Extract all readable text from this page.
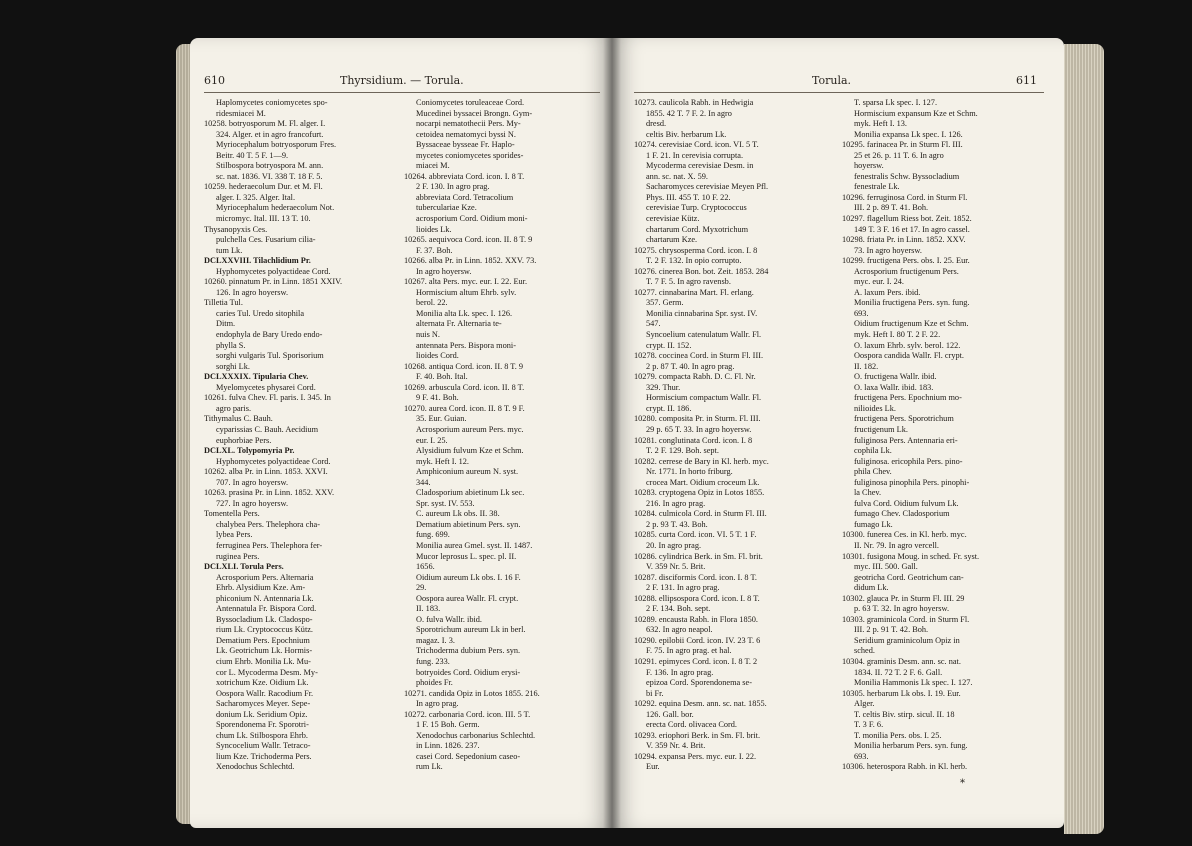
610	Thyrsidium. — Torula.
Haplomycetes coniomycetes spo-
ridesmiacei M.
10258. botryosporum M. Fl. alger. I.
324. Alger. et in agro francofurt.
Myriocephalum botryosporum Fres.
Beitr. 40 T. 5 F. 1—9.
Stilbospora botryospora M. ann.
sc. nat. 1836. VI. 338 T. 18 F. 5.
10259. hederaecolum Dur. et M. Fl.
alger. I. 325. Alger. Ital.
Myriocephalum hederaecolum Not.
micromyc. Ital. III. 13 T. 10.
Thysanopyxis Ces.
pulchella Ces. Fusarium cilia-
tum Lk.
DCLXXVIII. Tilachlidium Pr.
Hyphomycetes polyactideae Cord.
10260. pinnatum Pr. in Linn. 1851 XXIV.
126. In agro hoyersw.
Tilletia Tul.
caries Tul. Uredo sitophila
Ditm.
endophyla de Bary Uredo endo-
phylla S.
sorghi vulgaris Tul. Sporisorium
sorghi Lk.
DCLXXXIX. Tipularia Chev.
Myelomycetes physarei Cord.
10261. fulva Chev. Fl. paris. I. 345. In
agro paris.
Tithymalus C. Bauh.
cyparissias C. Bauh. Aecidium
euphorbiae Pers.
DCLXL. Tolypomyria Pr.
Hyphomycetes polyactideae Cord.
10262. alba Pr. in Linn. 1853. XXVI.
707. In agro hoyersw.
10263. prasina Pr. in Linn. 1852. XXV.
727. In agro hoyersw.
Tomentella Pers.
chalybea Pers. Thelephora cha-
lybea Pers.
ferruginea Pers. Thelephora fer-
ruginea Pers.
DCLXLI. Torula Pers.
Acrosporium Pers. Alternaria
Ehrb. Alysidium Kze. Am-
phiconium N. Antennaria Lk.
Antennatula Fr. Bispora Cord.
Byssocladium Lk. Cladospo-
rium Lk. Cryptococcus Kütz.
Dematium Pers. Epochnium
Lk. Geotrichum Lk. Hormis-
cium Ehrb. Monilia Lk. Mu-
cor L. Mycoderma Desm. My-
xotrichum Kze. Oidium Lk.
Oospora Wallr. Racodium Fr.
Sacharomyces Meyer. Sepe-
donium Lk. Seridium Opiz.
Sporendonema Fr. Sporotri-
chum Lk. Stilbospora Ehrb.
Syncocelium Wallr. Tetraco-
lium Kze. Trichoderma Pers.
Xenodochus Schlechtd.
Coniomycetes toruleaceae Cord.
Mucedinei byssacei Brongn. Gym-
nocarpi nematothecii Pers. My-
cetoidea nematomyci byssi N.
Byssaceae bysseae Fr. Haplo-
mycetes coniomycetes sporides-
miacei M.
10264. abbreviata Cord. icon. I. 8 T.
2 F. 130. In agro prag.
abbreviata Cord. Tetracolium
tuberculariae Kze.
acrosporium Cord. Oidium moni-
lioides Lk.
10265. aequivoca Cord. icon. II. 8 T. 9
F. 37. Boh.
10266. alba Pr. in Linn. 1852. XXV. 73.
In agro hoyersw.
10267. alta Pers. myc. eur. I. 22. Eur.
Hormiscium altum Ehrb. sylv.
berol. 22.
Monilia alta Lk. spec. I. 126.
alternata Fr. Alternaria te-
nuis N.
antennata Pers. Bispora moni-
lioides Cord.
10268. antiqua Cord. icon. II. 8 T. 9
F. 40. Boh. Ital.
10269. arbuscula Cord. icon. II. 8 T.
9 F. 41. Boh.
10270. aurea Cord. icon. II. 8 T. 9 F.
35. Eur. Guian.
Acrosporium aureum Pers. myc.
eur. I. 25.
Alysidium fulvum Kze et Schm.
myk. Heft I. 12.
Amphiconium aureum N. syst.
344.
Cladosporium abietinum Lk sec.
Spr. syst. IV. 553.
C. aureum Lk obs. II. 38.
Dematium abietinum Pers. syn.
fung. 699.
Monilia aurea Gmel. syst. II. 1487.
Mucor leprosus L. spec. pl. II.
1656.
Oidium aureum Lk obs. I. 16 F.
29.
Oospora aurea Wallr. Fl. crypt.
II. 183.
O. fulva Wallr. ibid.
Sporotrichum aureum Lk in berl.
magaz. I. 3.
Trichoderma dubium Pers. syn.
fung. 233.
botryoides Cord. Oidium erysi-
phoides Fr.
10271. candida Opiz in Lotos 1855. 216.
In agro prag.
10272. carbonaria Cord. icon. III. 5 T.
1 F. 15 Boh. Germ.
Xenodochus carbonarius Schlechtd.
in Linn. 1826. 237.
casei Cord. Sepedonium caseo-
rum Lk.
Torula.	611
10273. caulicola Rabh. in Hedwigia
1855. 42 T. 7 F. 2. In agro
dresd.
celtis Biv. herbarum Lk.
10274. cerevisiae Cord. icon. VI. 5 T.
1 F. 21. In cerevisia corrupta.
Mycoderma cerevisiae Desm. in
ann. sc. nat. X. 59.
Sacharomyces cerevisiae Meyen Pfl.
Phys. III. 455 T. 10 F. 22.
cerevisiae Turp. Cryptococcus
cerevisiae Kütz.
chartarum Cord. Myxotrichum
chartarum Kze.
10275. chrysosperma Cord. icon. I. 8
T. 2 F. 132. In opio corrupto.
10276. cinerea Bon. bot. Zeit. 1853. 284
T. 7 F. 5. In agro ravensb.
10277. cinnabarina Mart. Fl. erlang.
357. Germ.
Monilia cinnabarina Spr. syst. IV.
547.
Syncoelium catenulatum Wallr. Fl.
crypt. II. 152.
10278. coccinea Cord. in Sturm Fl. III.
2 p. 87 T. 40. In agro prag.
10279. compacta Rabh. D. C. Fl. Nr.
329. Thur.
Hormiscium compactum Wallr. Fl.
crypt. II. 186.
10280. composita Pr. in Sturm. Fl. III.
29 p. 65 T. 33. In agro hoyersw.
10281. conglutinata Cord. icon. I. 8
T. 2 F. 129. Boh. sept.
10282. cerrese de Bary in Kl. herb. myc.
Nr. 1771. In horto friburg.
crocea Mart. Oidium croceum Lk.
10283. cryptogena Opiz in Lotos 1855.
216. In agro prag.
10284. culmicola Cord. in Sturm Fl. III.
2 p. 93 T. 43. Boh.
10285. curta Cord. icon. VI. 5 T. 1 F.
20. In agro prag.
10286. cylindrica Berk. in Sm. Fl. brit.
V. 359 Nr. 5. Brit.
10287. disciformis Cord. icon. I. 8 T.
2 F. 131. In agro prag.
10288. ellipsospora Cord. icon. I. 8 T.
2 F. 134. Boh. sept.
10289. encausta Rabh. in Flora 1850.
632. In agro neapol.
10290. epilobii Cord. icon. IV. 23 T. 6
F. 75. In agro prag. et hal.
10291. epimyces Cord. icon. I. 8 T. 2
F. 136. In agro prag.
epizoa Cord. Sporendonema se-
bi Fr.
10292. equina Desm. ann. sc. nat. 1855.
126. Gall. bor.
erecta Cord. olivacea Cord.
10293. eriophori Berk. in Sm. Fl. brit.
V. 359 Nr. 4. Brit.
10294. expansa Pers. myc. eur. I. 22.
Eur.
T. sparsa Lk spec. I. 127.
Hormiscium expansum Kze et Schm.
myk. Heft I. 13.
Monilia expansa Lk spec. I. 126.
10295. farinacea Pr. in Sturm Fl. III.
25 et 26. p. 11 T. 6. In agro
hoyersw.
fenestralis Schw. Byssocladium
fenestrale Lk.
10296. ferruginosa Cord. in Sturm Fl.
III. 2 p. 89 T. 41. Boh.
10297. flagellum Riess bot. Zeit. 1852.
149 T. 3 F. 16 et 17. In agro cassel.
10298. friata Pr. in Linn. 1852. XXV.
73. In agro hoyersw.
10299. fructigena Pers. obs. I. 25. Eur.
Acrosporium fructigenum Pers.
myc. eur. I. 24.
A. laxum Pers. ibid.
Monilia fructigena Pers. syn. fung.
693.
Oidium fructigenum Kze et Schm.
myk. Heft I. 80 T. 2 F. 22.
O. laxum Ehrb. sylv. berol. 122.
Oospora candida Wallr. Fl. crypt.
II. 182.
O. fructigena Wallr. ibid.
O. laxa Wallr. ibid. 183.
fructigena Pers. Epochnium mo-
nilioides Lk.
fructigena Pers. Sporotrichum
fructigenum Lk.
fuliginosa Pers. Antennaria eri-
cophila Lk.
fuliginosa. ericophila Pers. pino-
phila Chev.
fuliginosa pinophila Pers. pinophi-
la Chev.
fulva Cord. Oidium fulvum Lk.
fumago Chev. Cladosporium
fumago Lk.
10300. funerea Ces. in Kl. herb. myc.
II. Nr. 79. In agro vercell.
10301. fusigona Moug. in sched. Fr. syst.
myc. III. 500. Gall.
geotricha Cord. Geotrichum can-
didum Lk.
10302. glauca Pr. in Sturm Fl. III. 29
p. 63 T. 32. In agro hoyersw.
10303. graminicola Cord. in Sturm Fl.
III. 2 p. 91 T. 42. Boh.
Seridium graminicolum Opiz in
sched.
10304. graminis Desm. ann. sc. nat.
1834. II. 72 T. 2 F. 6. Gall.
Monilia Hammonis Lk spec. I. 127.
10305. herbarum Lk obs. I. 19. Eur.
Alger.
T. celtis Biv. stirp. sicul. II. 18
T. 3 F. 6.
T. monilia Pers. obs. I. 25.
Monilia herbarum Pers. syn. fung.
693.
10306. heterospora Rabh. in Kl. herb.
*
